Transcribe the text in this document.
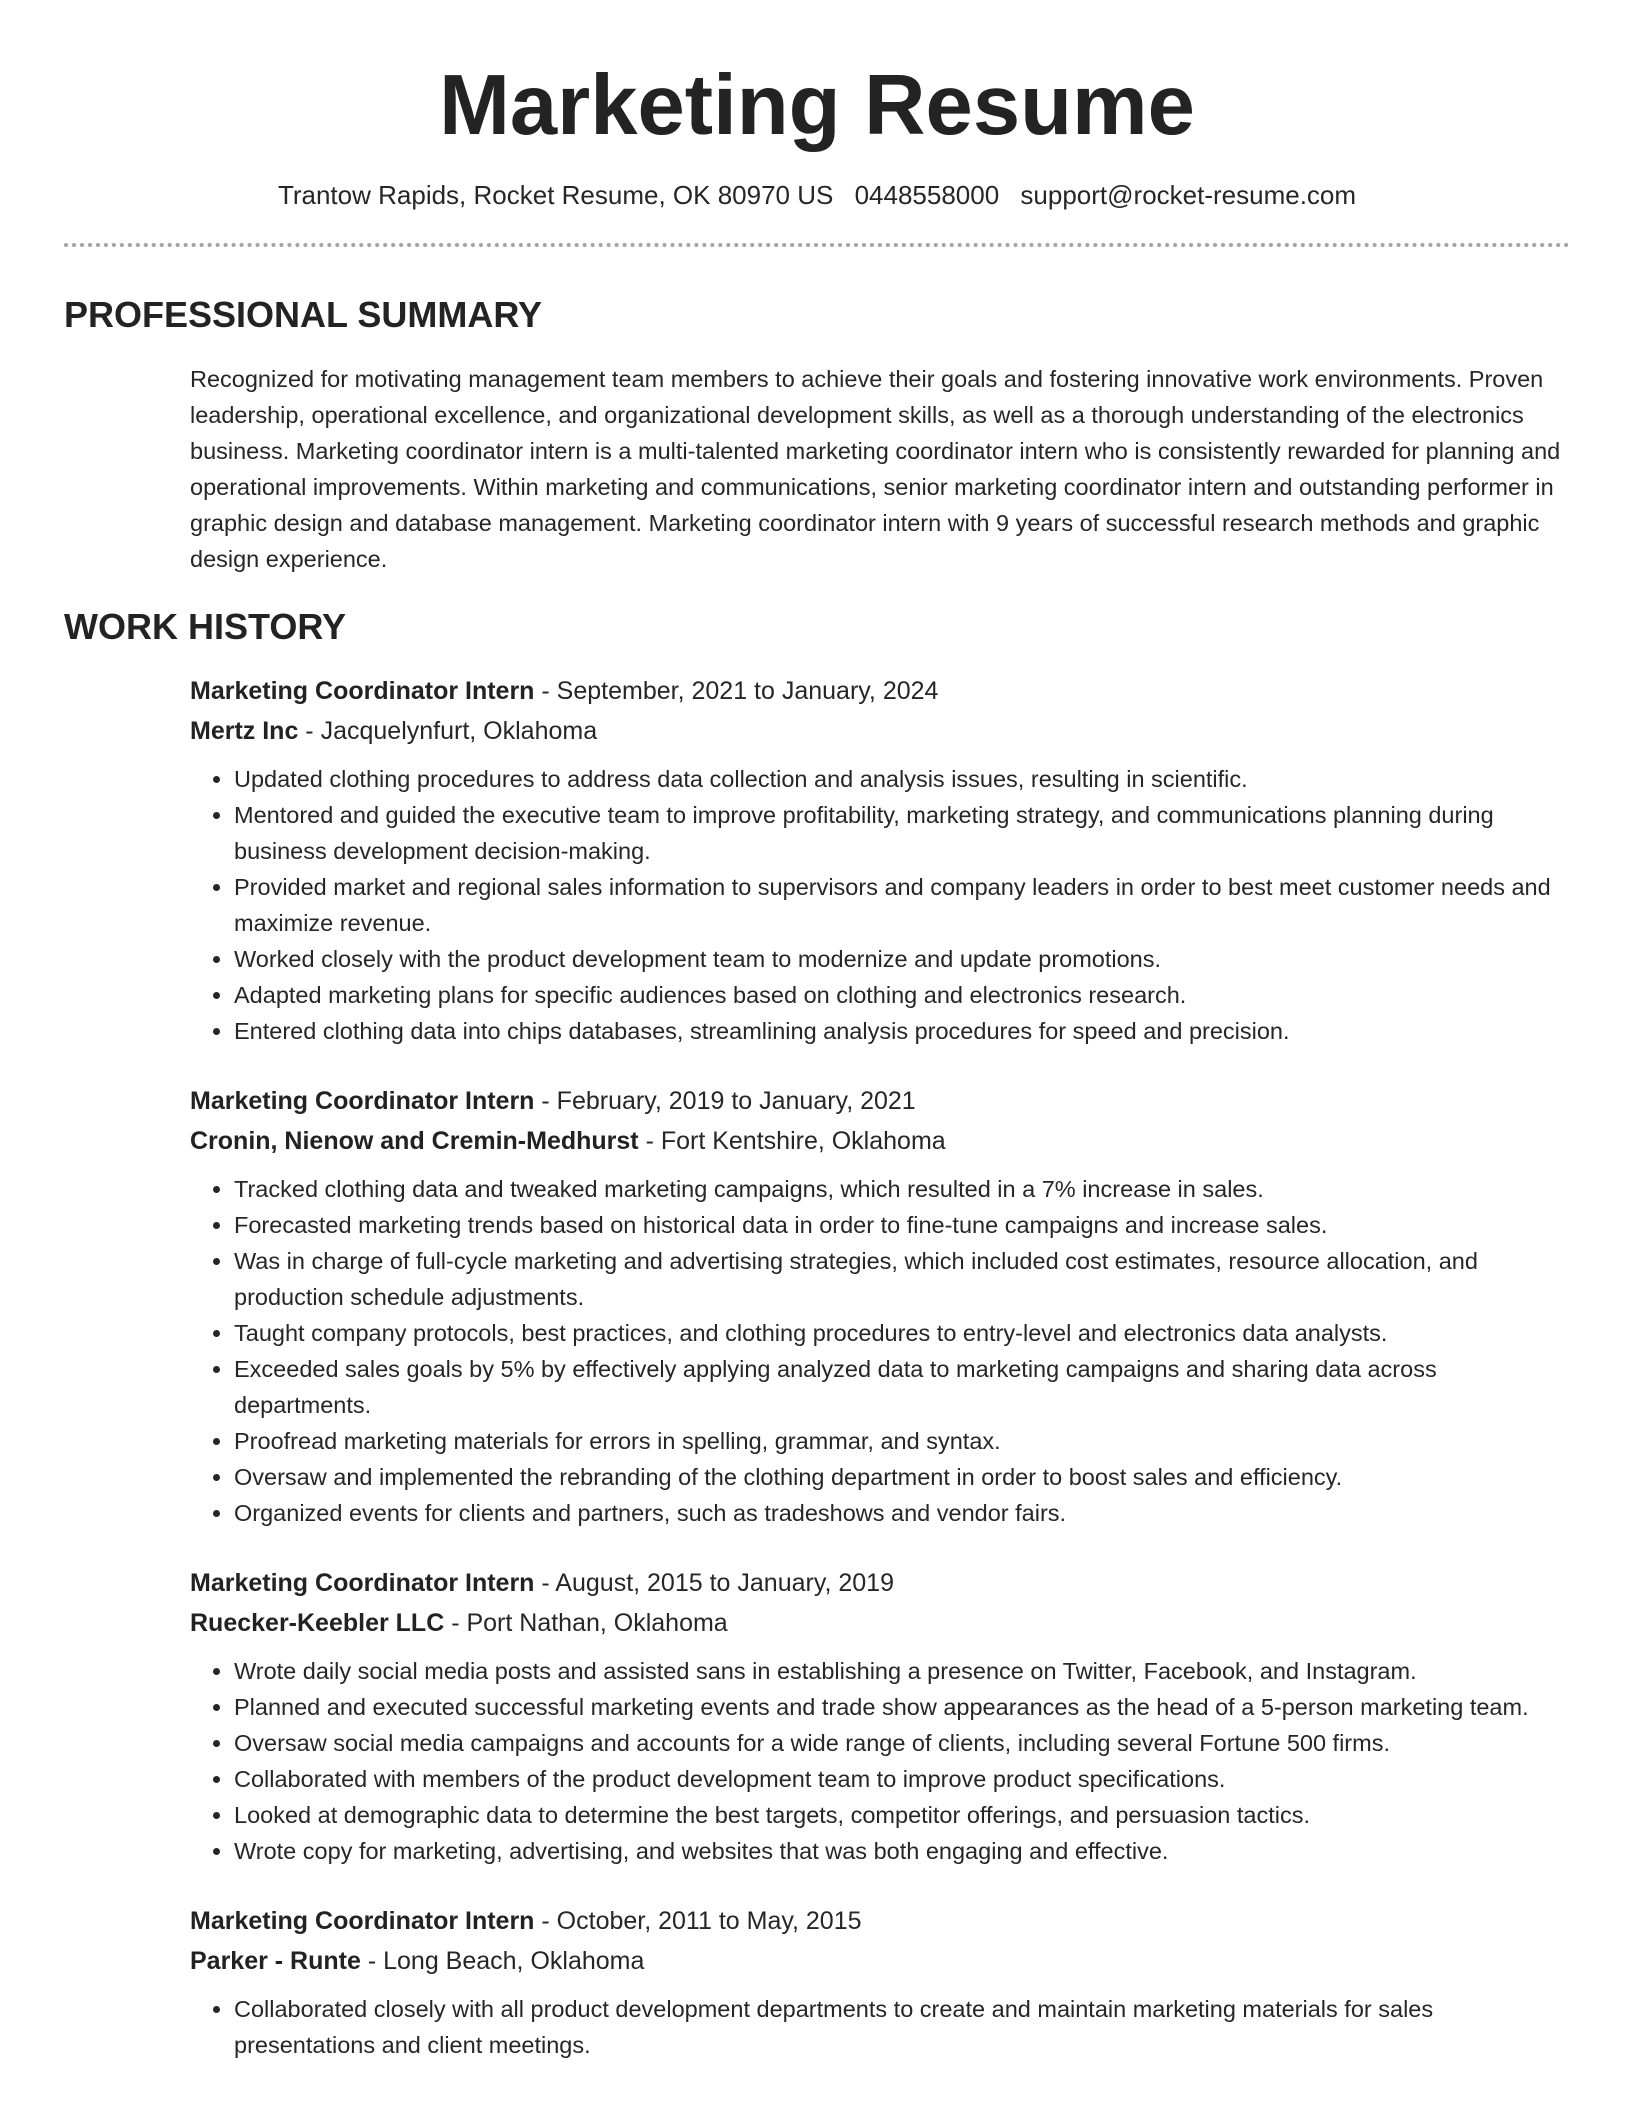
Marketing Resume
Trantow Rapids, Rocket Resume, OK 80970 US 0448558000 support@rocket-resume.com
PROFESSIONAL SUMMARY

Recognized for motivating management team members to achieve their goals and fostering innovative work environments. Proven leadership, operational excellence, and organizational development skills, as well as a thorough understanding of the electronics business. Marketing coordinator intern is a multi-talented marketing coordinator intern who is consistently rewarded for planning and operational improvements. Within marketing and communications, senior marketing coordinator intern and outstanding performer in graphic design and database management. Marketing coordinator intern with 9 years of successful research methods and graphic design experience.

WORK HISTORY
Marketing Coordinator Intern - September, 2021 to January, 2024
Mertz Inc - Jacquelynfurt, Oklahoma
• Updated clothing procedures to address data collection and analysis issues, resulting in scientific.
• Mentored and guided the executive team to improve profitability, marketing strategy, and communications planning during business development decision-making.
• Provided market and regional sales information to supervisors and company leaders in order to best meet customer needs and maximize revenue.
• Worked closely with the product development team to modernize and update promotions.
• Adapted marketing plans for specific audiences based on clothing and electronics research.
• Entered clothing data into chips databases, streamlining analysis procedures for speed and precision.
Marketing Coordinator Intern - February, 2019 to January, 2021
Cronin, Nienow and Cremin-Medhurst - Fort Kentshire, Oklahoma
• Tracked clothing data and tweaked marketing campaigns, which resulted in a 7% increase in sales.
• Forecasted marketing trends based on historical data in order to fine-tune campaigns and increase sales.
• Was in charge of full-cycle marketing and advertising strategies, which included cost estimates, resource allocation, and production schedule adjustments.
• Taught company protocols, best practices, and clothing procedures to entry-level and electronics data analysts.
• Exceeded sales goals by 5% by effectively applying analyzed data to marketing campaigns and sharing data across departments.
• Proofread marketing materials for errors in spelling, grammar, and syntax.
• Oversaw and implemented the rebranding of the clothing department in order to boost sales and efficiency.
• Organized events for clients and partners, such as tradeshows and vendor fairs.
Marketing Coordinator Intern - August, 2015 to January, 2019
Ruecker-Keebler LLC - Port Nathan, Oklahoma
• Wrote daily social media posts and assisted sans in establishing a presence on Twitter, Facebook, and Instagram.
• Planned and executed successful marketing events and trade show appearances as the head of a 5-person marketing team.
• Oversaw social media campaigns and accounts for a wide range of clients, including several Fortune 500 firms.
• Collaborated with members of the product development team to improve product specifications.
• Looked at demographic data to determine the best targets, competitor offerings, and persuasion tactics.
• Wrote copy for marketing, advertising, and websites that was both engaging and effective.
Marketing Coordinator Intern - October, 2011 to May, 2015
Parker - Runte - Long Beach, Oklahoma
• Collaborated closely with all product development departments to create and maintain marketing materials for sales presentations and client meetings.
